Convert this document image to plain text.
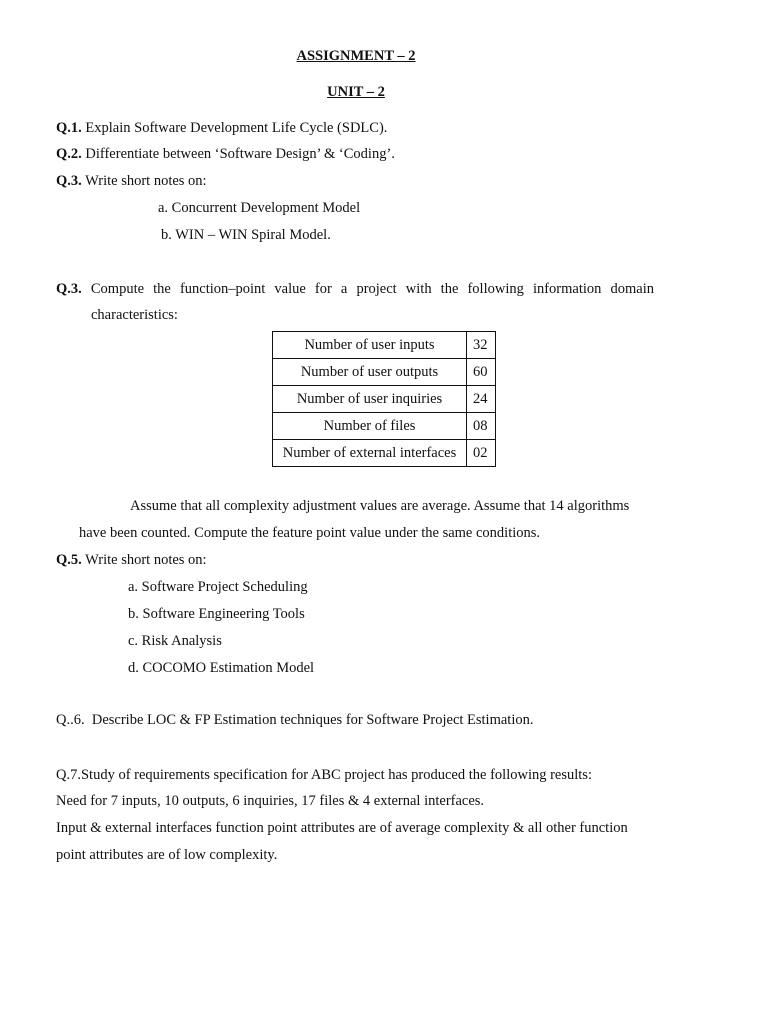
ASSIGNMENT – 2
UNIT – 2
Q.1. Explain Software Development Life Cycle (SDLC).
Q.2. Differentiate between ‘Software Design’ & ‘Coding’.
Q.3. Write short notes on:
a. Concurrent Development Model
b. WIN – WIN Spiral Model.
Q.3. Compute the function–point value for a project with the following information domain
characteristics:
Number of user inputs	32
Number of user outputs	60
Number of user inquiries	24
Number of files	08
Number of external interfaces	02
Assume that all complexity adjustment values are average. Assume that 14 algorithms
have been counted. Compute the feature point value under the same conditions.
Q.5. Write short notes on:
a. Software Project Scheduling
b. Software Engineering Tools
c. Risk Analysis
d. COCOMO Estimation Model
Q..6.  Describe LOC & FP Estimation techniques for Software Project Estimation.
Q.7.Study of requirements specification for ABC project has produced the following results:
Need for 7 inputs, 10 outputs, 6 inquiries, 17 files & 4 external interfaces.
Input & external interfaces function point attributes are of average complexity & all other function
point attributes are of low complexity.
